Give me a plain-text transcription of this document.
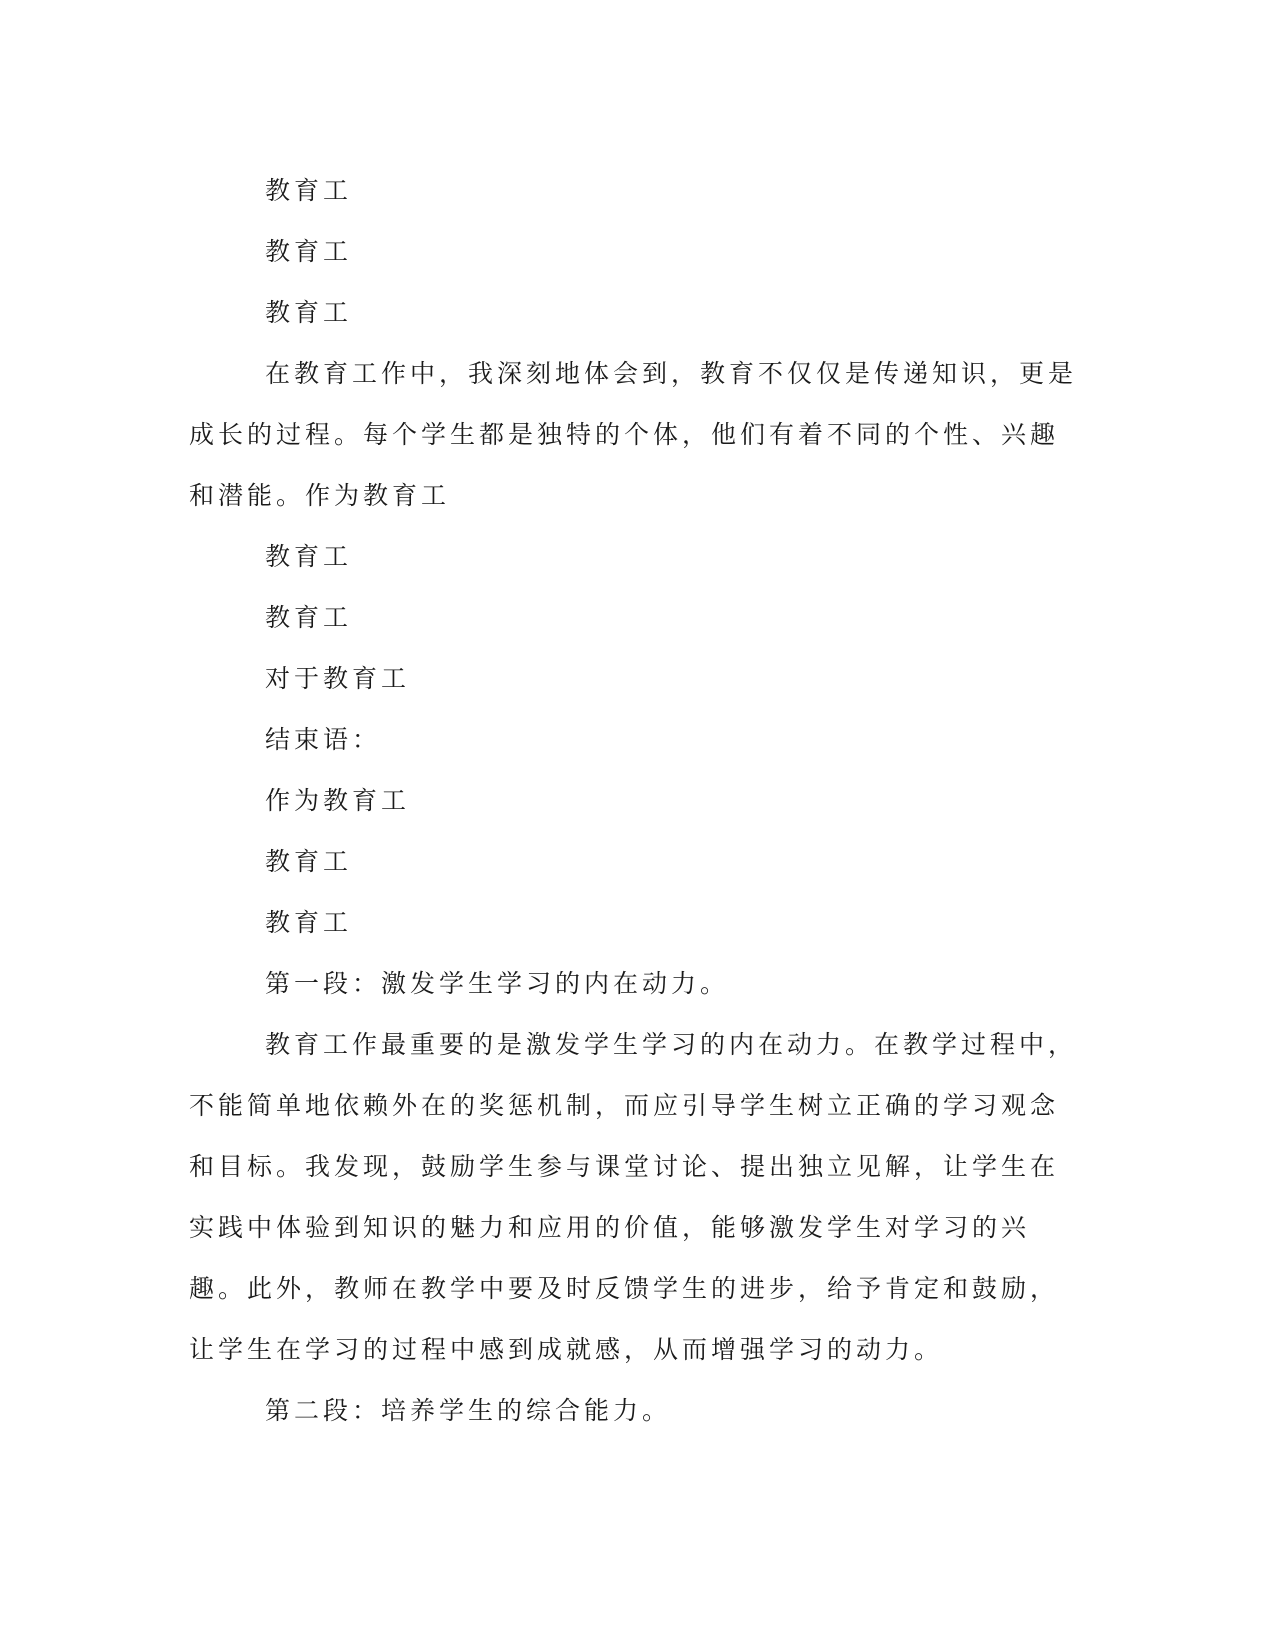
教育工

教育工

教育工

在教育工作中，我深刻地体会到，教育不仅仅是传递知识，更是成长的过程。每个学生都是独特的个体，他们有着不同的个性、兴趣和潜能。作为教育工

教育工

教育工

对于教育工

结束语：

作为教育工

教育工

教育工

第一段：激发学生学习的内在动力。

教育工作最重要的是激发学生学习的内在动力。在教学过程中，不能简单地依赖外在的奖惩机制，而应引导学生树立正确的学习观念和目标。我发现，鼓励学生参与课堂讨论、提出独立见解，让学生在实践中体验到知识的魅力和应用的价值，能够激发学生对学习的兴趣。此外，教师在教学中要及时反馈学生的进步，给予肯定和鼓励，让学生在学习的过程中感到成就感，从而增强学习的动力。

第二段：培养学生的综合能力。
